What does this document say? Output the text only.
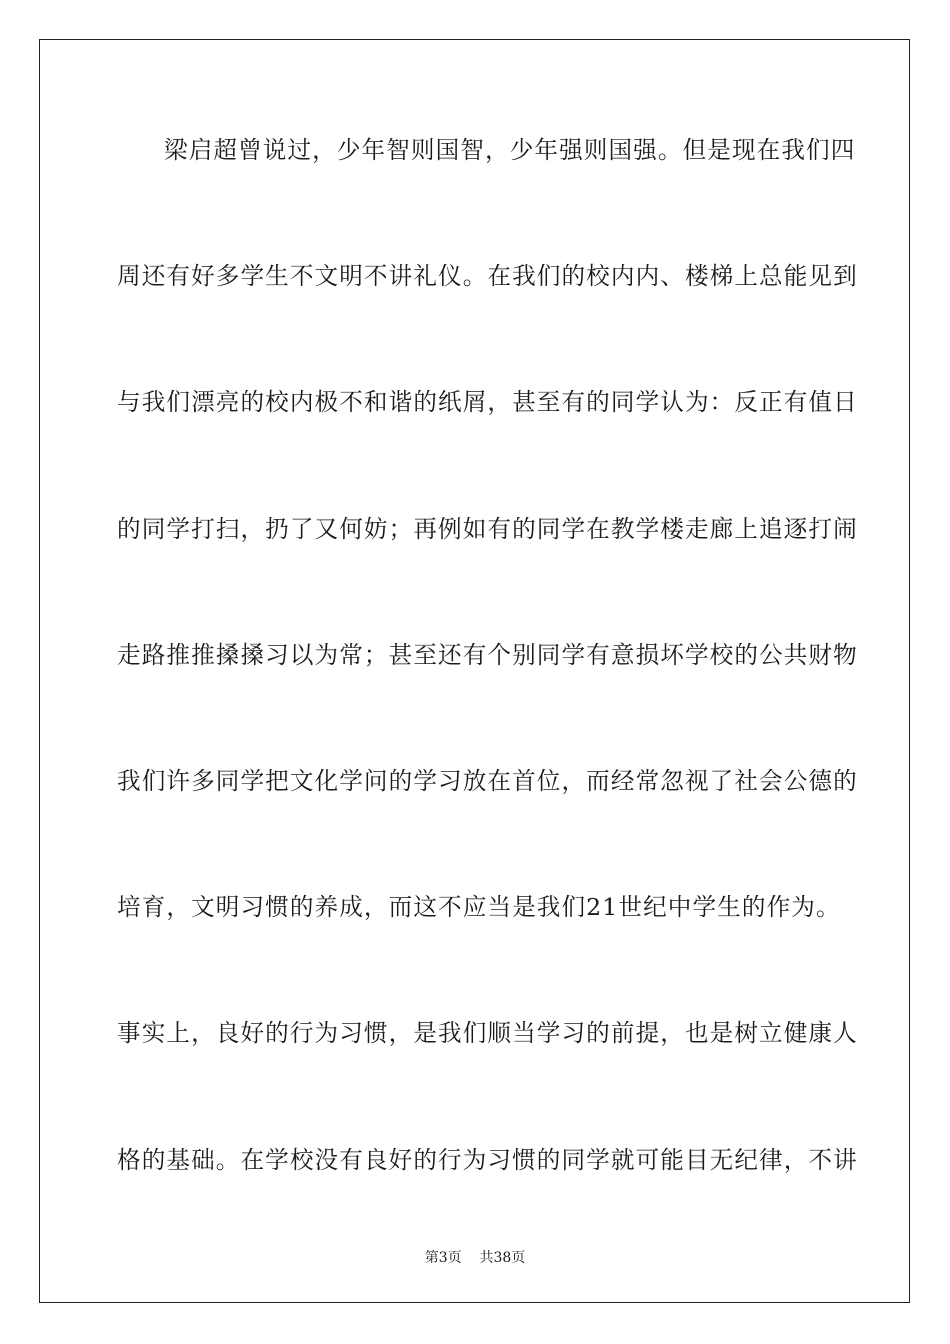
梁启超曾说过，少年智则国智，少年强则国强。但是现在我们四
周还有好多学生不文明不讲礼仪。在我们的校内内、楼梯上总能见到
与我们漂亮的校内极不和谐的纸屑，甚至有的同学认为：反正有值日
的同学打扫，扔了又何妨；再例如有的同学在教学楼走廊上追逐打闹
走路推推搡搡习以为常；甚至还有个别同学有意损坏学校的公共财物
我们许多同学把文化学问的学习放在首位，而经常忽视了社会公德的
培育，文明习惯的养成，而这不应当是我们21世纪中学生的作为。
事实上，良好的行为习惯，是我们顺当学习的前提，也是树立健康人
格的基础。在学校没有良好的行为习惯的同学就可能目无纪律，不讲
第3页 共38页
